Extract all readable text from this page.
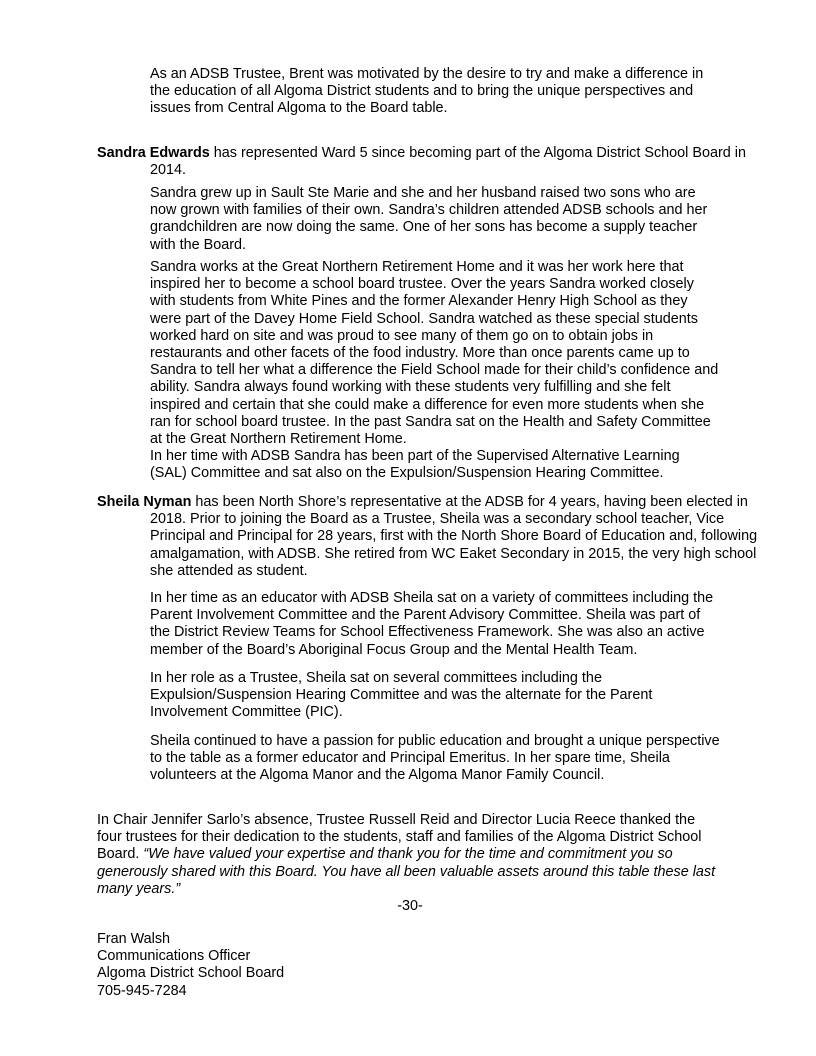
As an ADSB Trustee, Brent was motivated by the desire to try and make a difference in the education of all Algoma District students and to bring the unique perspectives and issues from Central Algoma to the Board table.

Sandra Edwards has represented Ward 5 since becoming part of the Algoma District School Board in 2014.

Sandra grew up in Sault Ste Marie and she and her husband raised two sons who are now grown with families of their own. Sandra’s children attended ADSB schools and her grandchildren are now doing the same. One of her sons has become a supply teacher with the Board.

Sandra works at the Great Northern Retirement Home and it was her work here that inspired her to become a school board trustee. Over the years Sandra worked closely with students from White Pines and the former Alexander Henry High School as they were part of the Davey Home Field School. Sandra watched as these special students worked hard on site and was proud to see many of them go on to obtain jobs in restaurants and other facets of the food industry. More than once parents came up to Sandra to tell her what a difference the Field School made for their child’s confidence and ability. Sandra always found working with these students very fulfilling and she felt inspired and certain that she could make a difference for even more students when she ran for school board trustee. In the past Sandra sat on the Health and Safety Committee at the Great Northern Retirement Home.

In her time with ADSB Sandra has been part of the Supervised Alternative Learning (SAL) Committee and sat also on the Expulsion/Suspension Hearing Committee.

Sheila Nyman has been North Shore’s representative at the ADSB for 4 years, having been elected in 2018. Prior to joining the Board as a Trustee, Sheila was a secondary school teacher, Vice Principal and Principal for 28 years, first with the North Shore Board of Education and, following amalgamation, with ADSB. She retired from WC Eaket Secondary in 2015, the very high school she attended as student.

In her time as an educator with ADSB Sheila sat on a variety of committees including the Parent Involvement Committee and the Parent Advisory Committee. Sheila was part of the District Review Teams for School Effectiveness Framework. She was also an active member of the Board’s Aboriginal Focus Group and the Mental Health Team.

In her role as a Trustee, Sheila sat on several committees including the Expulsion/Suspension Hearing Committee and was the alternate for the Parent Involvement Committee (PIC).

Sheila continued to have a passion for public education and brought a unique perspective to the table as a former educator and Principal Emeritus. In her spare time, Sheila volunteers at the Algoma Manor and the Algoma Manor Family Council.

In Chair Jennifer Sarlo’s absence, Trustee Russell Reid and Director Lucia Reece thanked the four trustees for their dedication to the students, staff and families of the Algoma District School Board. “We have valued your expertise and thank you for the time and commitment you so generously shared with this Board. You have all been valuable assets around this table these last many years.”

-30-
Fran Walsh
Communications Officer
Algoma District School Board
705-945-7284
